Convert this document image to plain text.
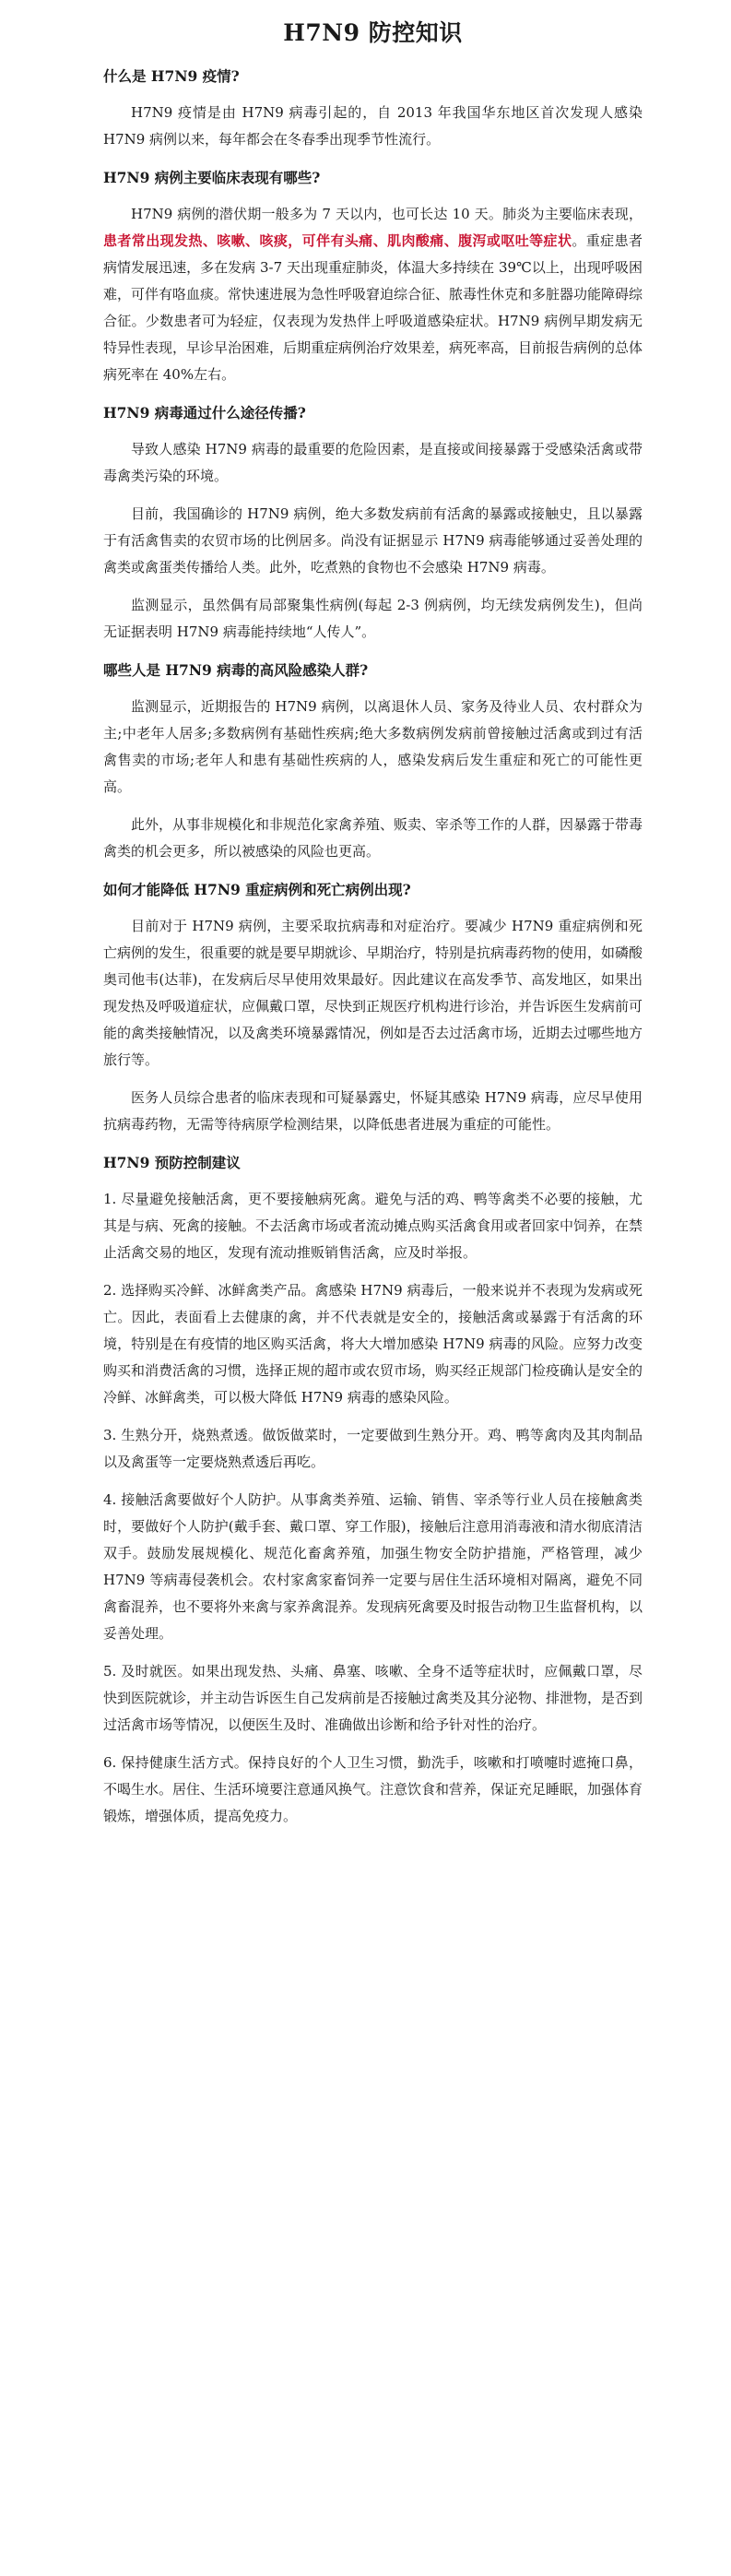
H7N9 防控知识
什么是 H7N9 疫情?
H7N9 疫情是由 H7N9 病毒引起的，自 2013 年我国华东地区首次发现人感染 H7N9 病例以来，每年都会在冬春季出现季节性流行。
H7N9 病例主要临床表现有哪些?
H7N9 病例的潜伏期一般多为 7 天以内，也可长达 10 天。肺炎为主要临床表现，患者常出现发热、咳嗽、咳痰，可伴有头痛、肌肉酸痛、腹泻或呕吐等症状。重症患者病情发展迅速，多在发病 3-7 天出现重症肺炎，体温大多持续在 39℃以上，出现呼吸困难，可伴有咯血痰。常快速进展为急性呼吸窘迫综合征、脓毒性休克和多脏器功能障碍综合征。少数患者可为轻症，仅表现为发热伴上呼吸道感染症状。H7N9 病例早期发病无特异性表现，早诊早治困难，后期重症病例治疗效果差，病死率高，目前报告病例的总体病死率在 40%左右。
H7N9 病毒通过什么途径传播?
导致人感染 H7N9 病毒的最重要的危险因素，是直接或间接暴露于受感染活禽或带毒禽类污染的环境。
目前，我国确诊的 H7N9 病例，绝大多数发病前有活禽的暴露或接触史，且以暴露于有活禽售卖的农贸市场的比例居多。尚没有证据显示 H7N9 病毒能够通过妥善处理的禽类或禽蛋类传播给人类。此外，吃煮熟的食物也不会感染 H7N9 病毒。
监测显示，虽然偶有局部聚集性病例(每起 2-3 例病例，均无续发病例发生)，但尚无证据表明 H7N9 病毒能持续地“人传人”。
哪些人是 H7N9 病毒的高风险感染人群?
监测显示，近期报告的 H7N9 病例，以离退休人员、家务及待业人员、农村群众为主;中老年人居多;多数病例有基础性疾病;绝大多数病例发病前曾接触过活禽或到过有活禽售卖的市场;老年人和患有基础性疾病的人，感染发病后发生重症和死亡的可能性更高。
此外，从事非规模化和非规范化家禽养殖、贩卖、宰杀等工作的人群，因暴露于带毒禽类的机会更多，所以被感染的风险也更高。
如何才能降低 H7N9 重症病例和死亡病例出现?
目前对于 H7N9 病例，主要采取抗病毒和对症治疗。要减少 H7N9 重症病例和死亡病例的发生，很重要的就是要早期就诊、早期治疗，特别是抗病毒药物的使用，如磷酸奥司他韦(达菲)，在发病后尽早使用效果最好。因此建议在高发季节、高发地区，如果出现发热及呼吸道症状，应佩戴口罩，尽快到正规医疗机构进行诊治，并告诉医生发病前可能的禽类接触情况，以及禽类环境暴露情况，例如是否去过活禽市场，近期去过哪些地方旅行等。
医务人员综合患者的临床表现和可疑暴露史，怀疑其感染 H7N9 病毒，应尽早使用抗病毒药物，无需等待病原学检测结果，以降低患者进展为重症的可能性。
H7N9 预防控制建议
1. 尽量避免接触活禽，更不要接触病死禽。避免与活的鸡、鸭等禽类不必要的接触，尤其是与病、死禽的接触。不去活禽市场或者流动摊点购买活禽食用或者回家中饲养，在禁止活禽交易的地区，发现有流动推贩销售活禽，应及时举报。
2. 选择购买冷鲜、冰鲜禽类产品。禽感染 H7N9 病毒后，一般来说并不表现为发病或死亡。因此，表面看上去健康的禽，并不代表就是安全的，接触活禽或暴露于有活禽的环境，特别是在有疫情的地区购买活禽，将大大增加感染 H7N9 病毒的风险。应努力改变购买和消费活禽的习惯，选择正规的超市或农贸市场，购买经正规部门检疫确认是安全的冷鲜、冰鲜禽类，可以极大降低 H7N9 病毒的感染风险。
3. 生熟分开，烧熟煮透。做饭做菜时，一定要做到生熟分开。鸡、鸭等禽肉及其肉制品以及禽蛋等一定要烧熟煮透后再吃。
4. 接触活禽要做好个人防护。从事禽类养殖、运输、销售、宰杀等行业人员在接触禽类时，要做好个人防护(戴手套、戴口罩、穿工作服)，接触后注意用消毒液和清水彻底清洁双手。鼓励发展规模化、规范化畜禽养殖，加强生物安全防护措施，严格管理，减少 H7N9 等病毒侵袭机会。农村家禽家畜饲养一定要与居住生活环境相对隔离，避免不同禽畜混养，也不要将外来禽与家养禽混养。发现病死禽要及时报告动物卫生监督机构，以妥善处理。
5. 及时就医。如果出现发热、头痛、鼻塞、咳嗽、全身不适等症状时，应佩戴口罩，尽快到医院就诊，并主动告诉医生自己发病前是否接触过禽类及其分泌物、排泄物，是否到过活禽市场等情况，以便医生及时、准确做出诊断和给予针对性的治疗。
6. 保持健康生活方式。保持良好的个人卫生习惯，勤洗手，咳嗽和打喷嚏时遮掩口鼻，不喝生水。居住、生活环境要注意通风换气。注意饮食和营养，保证充足睡眠，加强体育锻炼，增强体质，提高免疫力。
